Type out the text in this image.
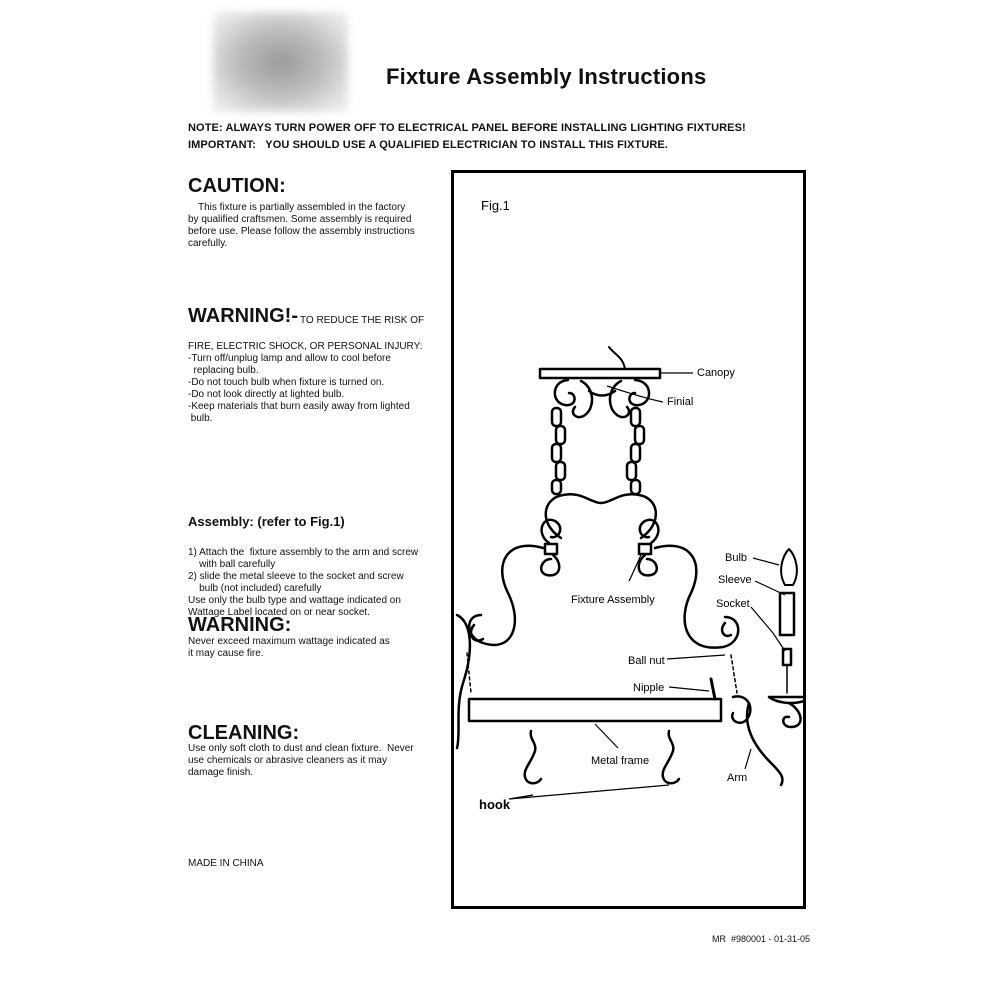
Fixture Assembly Instructions
NOTE: ALWAYS TURN POWER OFF TO ELECTRICAL PANEL BEFORE INSTALLING LIGHTING FIXTURES!
IMPORTANT:   YOU SHOULD USE A QUALIFIED ELECTRICIAN TO INSTALL THIS FIXTURE.
CAUTION:
This fixture is partially assembled in the factory
by qualified craftsmen. Some assembly is required
before use. Please follow the assembly instructions
carefully.
WARNING!- TO REDUCE THE RISK OF

FIRE, ELECTRIC SHOCK, OR PERSONAL INJURY:
-Turn off/unplug lamp and allow to cool before
replacing bulb.
-Do not touch bulb when fixture is turned on.
-Do not look directly at lighted bulb.
-Keep materials that burn easily away from lighted
bulb.
Assembly: (refer to Fig.1)

1) Attach the  fixture assembly to the arm and screw
with ball carefully
2) slide the metal sleeve to the socket and screw
bulb (not included) carefully
Use only the bulb type and wattage indicated on
Wattage Label located on or near socket.
WARNING:
Never exceed maximum wattage indicated as
it may cause fire.
CLEANING:
Use only soft cloth to dust and clean fixture.  Never
use chemicals or abrasive cleaners as it may
damage finish.
MADE IN CHINA
MR  #980001 - 01-31-05
Fig.1
Canopy
Finial
Bulb
Sleeve
Socket
Fixture Assembly
Ball nut
Nipple
Metal frame
Arm
hook
